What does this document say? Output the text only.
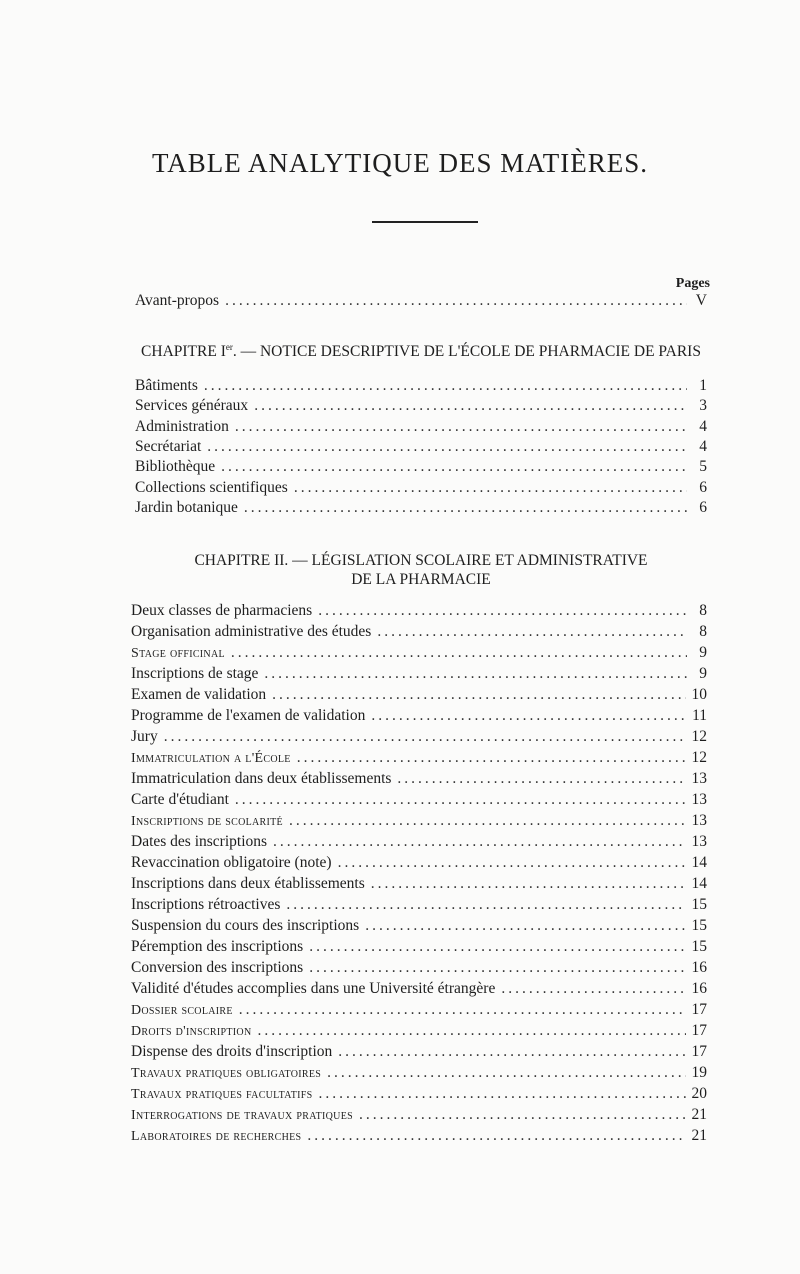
TABLE ANALYTIQUE DES MATIÈRES.
Pages
Avant-propos .....	V
CHAPITRE Ier. — NOTICE DESCRIPTIVE DE L'ÉCOLE DE PHARMACIE DE PARIS
Bâtiments .....	1
Services généraux .....	3
Administration .....	4
Secrétariat .....	4
Bibliothèque .....	5
Collections scientifiques .....	6
Jardin botanique .....	6
CHAPITRE II. — LÉGISLATION SCOLAIRE ET ADMINISTRATIVE
DE LA PHARMACIE
Deux classes de pharmaciens .....	8
Organisation administrative des études .....	8
Stage officinal .....	9
Inscriptions de stage .....	9
Examen de validation .....	10
Programme de l'examen de validation .....	11
Jury .....	12
Immatriculation a l'École .....	12
Immatriculation dans deux établissements .....	13
Carte d'étudiant .....	13
Inscriptions de scolarité .....	13
Dates des inscriptions .....	13
Revaccination obligatoire (note) .....	14
Inscriptions dans deux établissements .....	14
Inscriptions rétroactives .....	15
Suspension du cours des inscriptions .....	15
Péremption des inscriptions .....	15
Conversion des inscriptions .....	16
Validité d'études accomplies dans une Université étrangère .....	16
Dossier scolaire .....	17
Droits d'inscription .....	17
Dispense des droits d'inscription .....	17
Travaux pratiques obligatoires .....	19
Travaux pratiques facultatifs .....	20
Interrogations de travaux pratiques .....	21
Laboratoires de recherches .....	21
